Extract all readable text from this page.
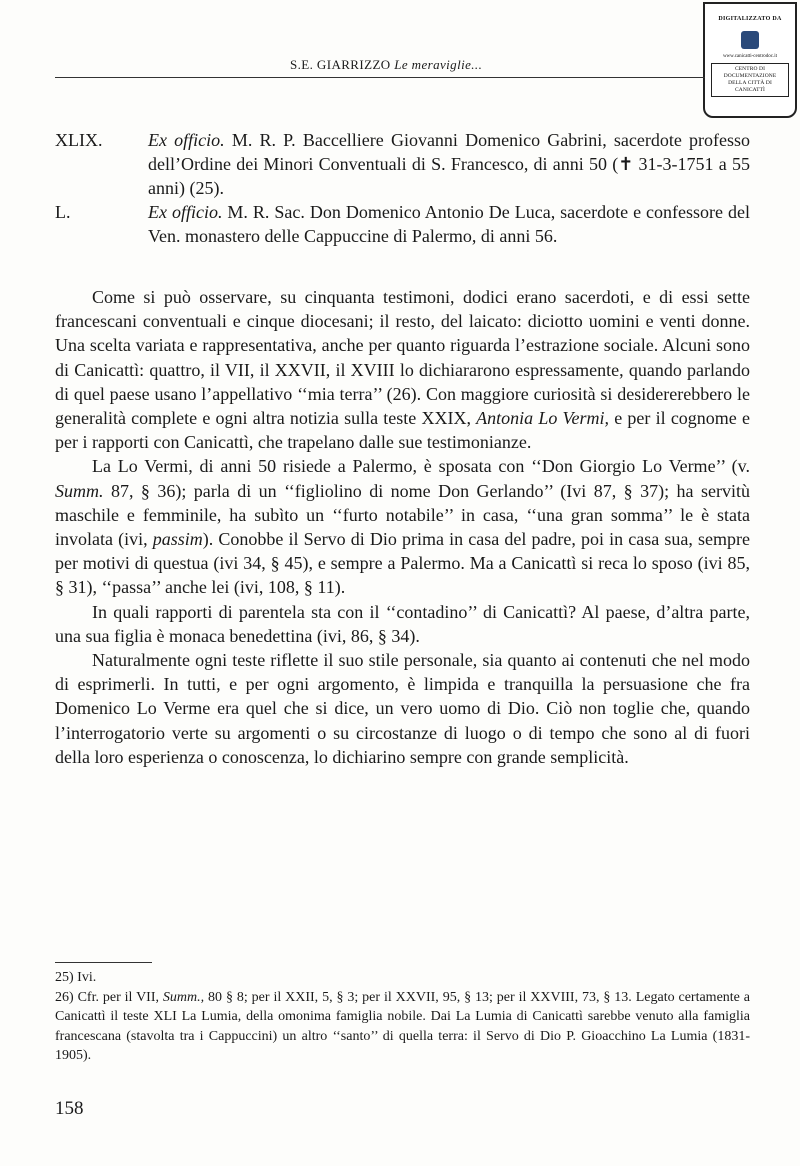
DIGITALIZZATO DA
www.canicatti-centrodoc.it
CENTRO DI DOCUMENTAZIONE
DELLA CITTÀ DI CANICATTÌ
S.E. GIARRIZZO Le meraviglie...
XLIX.	Ex officio. M. R. P. Baccelliere Giovanni Domenico Gabrini, sacerdote professo dell’Ordine dei Minori Conventuali di S. Francesco, di anni 50 (✝ 31-3-1751 a 55 anni) (25).
L.	Ex officio. M. R. Sac. Don Domenico Antonio De Luca, sacerdote e confessore del Ven. monastero delle Cappuccine di Palermo, di anni 56.

Come si può osservare, su cinquanta testimoni, dodici erano sacerdoti, e di essi sette francescani conventuali e cinque diocesani; il resto, del laicato: diciotto uomini e venti donne. Una scelta variata e rappresentativa, anche per quanto riguarda l’estrazione sociale. Alcuni sono di Canicattì: quattro, il VII, il XXVII, il XVIII lo dichiararono espressamente, quando parlando di quel paese usano l’appellativo ‘‘mia terra’’ (26). Con maggiore curiosità si desidererebbero le generalità complete e ogni altra notizia sulla teste XXIX, Antonia Lo Vermi, e per il cognome e per i rapporti con Canicattì, che trapelano dalle sue testimonianze.

La Lo Vermi, di anni 50 risiede a Palermo, è sposata con ‘‘Don Giorgio Lo Verme’’ (v. Summ. 87, § 36); parla di un ‘‘figliolino di nome Don Gerlando’’ (Ivi 87, § 37); ha servitù maschile e femminile, ha subìto un ‘‘furto notabile’’ in casa, ‘‘una gran somma’’ le è stata involata (ivi, passim). Conobbe il Servo di Dio prima in casa del padre, poi in casa sua, sempre per motivi di questua (ivi 34, § 45), e sempre a Palermo. Ma a Canicattì si reca lo sposo (ivi 85, § 31), ‘‘passa’’ anche lei (ivi, 108, § 11).

In quali rapporti di parentela sta con il ‘‘contadino’’ di Canicattì? Al paese, d’altra parte, una sua figlia è monaca benedettina (ivi, 86, § 34).

Naturalmente ogni teste riflette il suo stile personale, sia quanto ai contenuti che nel modo di esprimerli. In tutti, e per ogni argomento, è limpida e tranquilla la persuasione che fra Domenico Lo Verme era quel che si dice, un vero uomo di Dio. Ciò non toglie che, quando l’interrogatorio verte su argomenti o su circostanze di luogo o di tempo che sono al di fuori della loro esperienza o conoscenza, lo dichiarino sempre con grande semplicità.

25) Ivi.

26) Cfr. per il VII, Summ., 80 § 8; per il XXII, 5, § 3; per il XXVII, 95, § 13; per il XXVIII, 73, § 13. Legato certamente a Canicattì il teste XLI La Lumia, della omonima famiglia nobile. Dai La Lumia di Canicattì sarebbe venuto alla famiglia francescana (stavolta tra i Cappuccini) un altro ‘‘santo’’ di quella terra: il Servo di Dio P. Gioacchino La Lumia (1831-1905).

158
